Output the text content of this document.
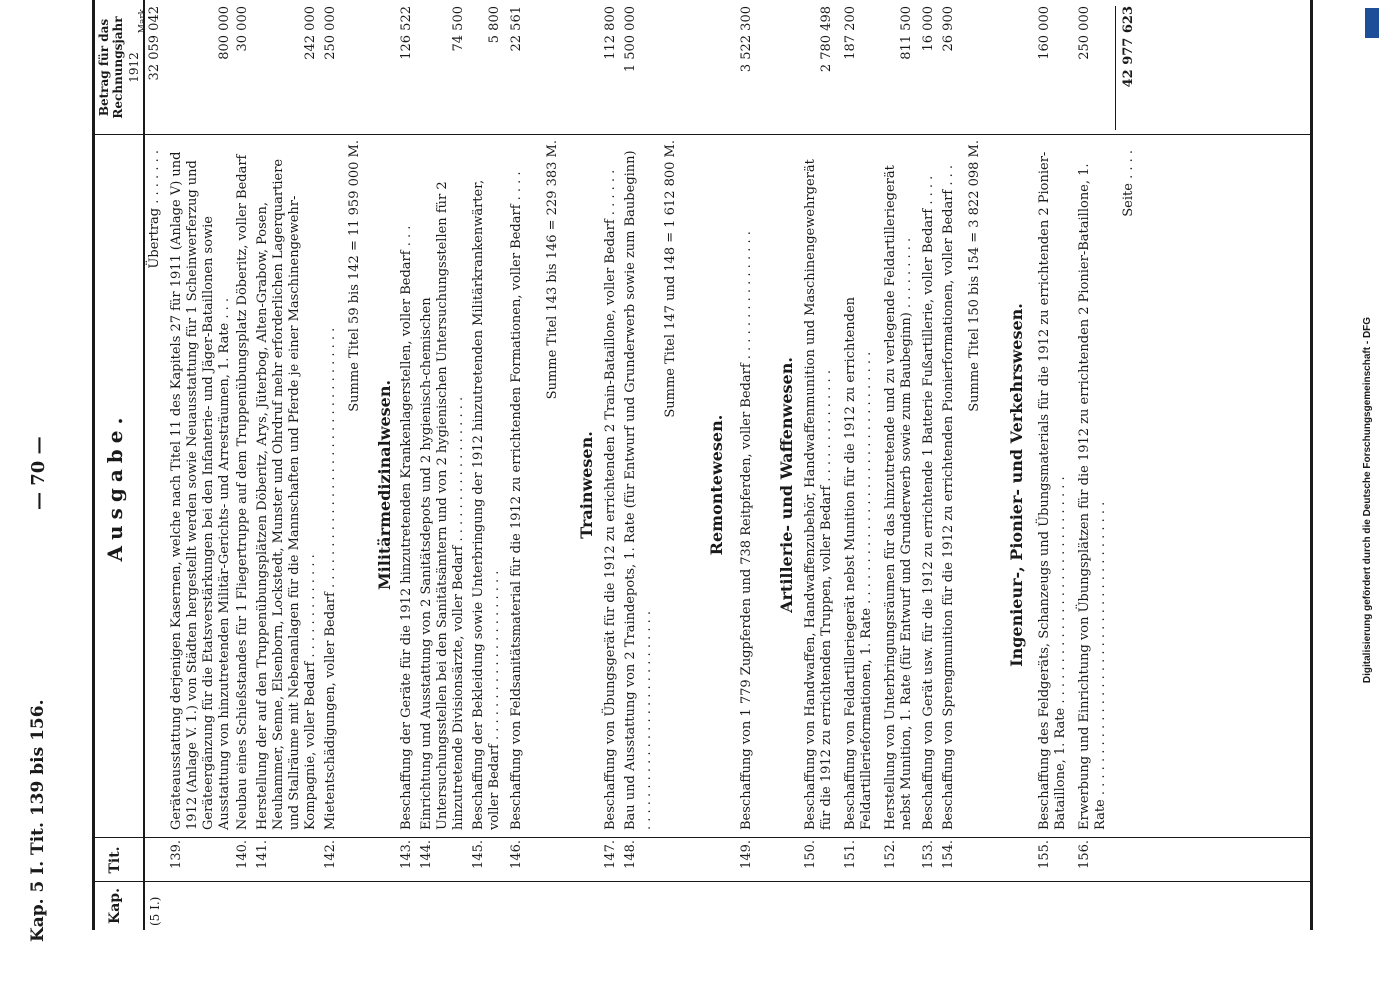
Kap. 5 I. Tit. 139 bis 156.
— 70 —
Kap.
Tit.
Ausgabe.
Betrag für das Rechnungsjahr 1912
Mark.
(5 I.)
Übertrag . . . . . . .
32 059 042
139.
Geräteausstattung derjenigen Kasernen, welche nach Titel 11 des Kapitels 27 für 1911 (Anlage V) und 1912 (Anlage V. 1.) von Städten hergestellt werden sowie Neuausstattung für 1 Scheinwerferzug und Geräteergänzung für die Etatsverstärkungen bei den Infanterie- und Jäger-Bataillonen sowie Ausstattung von hinzutretenden Militär-Gerichts- und Arresträumen, 1. Rate . . .
800 000
140.
Neubau eines Schießstandes für 1 Fliegertruppe auf dem Truppenübungsplatz Döberitz, voller Bedarf
30 000
141.
Herstellung der auf den Truppenübungsplätzen Döberitz, Arys, Jüterbog, Alten-Grabow, Posen, Neuhammer, Senne, Elsenborn, Lockstedt, Munster und Ohrdruf mehr erforderlichen Lagerquartiere und Stallräume mit Nebenanlagen für die Mannschaften und Pferde je einer Maschinengewehr-Kompagnie, voller Bedarf . . . . . . . . . . . . .
242 000
142.
Mietentschädigungen, voller Bedarf . . . . . . . . . . . . . . . . . . . . . . . . . . . . . . . .
250 000
Summe Titel 59 bis 142 = 11 959 000 M.
Militärmedizinalwesen.
143.
Beschaffung der Geräte für die 1912 hinzutretenden Krankenlagerstellen, voller Bedarf . . .
126 522
144.
Einrichtung und Ausstattung von 2 Sanitätsdepots und 2 hygienisch-chemischen Untersuchungsstellen bei den Sanitätsämtern und von 2 hygienischen Untersuchungsstellen für 2 hinzutretende Divisionsärzte, voller Bedarf . . . . . . . . . . . . . . . . . .
74 500
145.
Beschaffung der Bekleidung sowie Unterbringung der 1912 hinzutretenden Militärkrankenwärter, voller Bedarf . . . . . . . . . . . . . . . . . . . . .
5 800
146.
Beschaffung von Feldsanitätsmaterial für die 1912 zu errichtenden Formationen, voller Bedarf . . . .
22 561
Summe Titel 143 bis 146 = 229 383 M.
Trainwesen.
147.
Beschaffung von Übungsgerät für die 1912 zu errichtenden 2 Train-Bataillone, voller Bedarf . . . . . .
112 800
148.
Bau und Ausstattung von 2 Traindepots, 1. Rate (für Entwurf und Grunderwerb sowie zum Baubeginn) . . . . . . . . . . . . . . . . . . . . . . . . . . .
1 500 000
Summe Titel 147 und 148 = 1 612 800 M.
Remontewesen.
149.
Beschaffung von 1 779 Zugpferden und 738 Reitpferden, voller Bedarf . . . . . . . . . . . . . . . .
3 522 300
Artillerie- und Waffenwesen.
150.
Beschaffung von Handwaffen, Handwaffenzubehör, Handwaffenmunition und Maschinengewehrgerät für die 1912 zu errichtenden Truppen, voller Bedarf . . . . . . . . . . . . . .
2 780 498
151.
Beschaffung von Feldartilleriegerät nebst Munition für die 1912 zu errichtenden Feldartillerieformationen, 1. Rate . . . . . . . . . . . . . . . . . . . . . . . . . . . . . . .
187 200
152.
Herstellung von Unterbringungsräumen für das hinzutretende und zu verlegende Feldartilleriegerät nebst Munition, 1. Rate (für Entwurf und Grunderwerb sowie zum Baubeginn) . . . . . . . . .
811 500
153.
Beschaffung von Gerät usw. für die 1912 zu errichtende 1 Batterie Fußartillerie, voller Bedarf . . . .
16 000
154.
Beschaffung von Sprengmunition für die 1912 zu errichtenden Pionierformationen, voller Bedarf . . .
26 900
Summe Titel 150 bis 154 = 3 822 098 M.
Ingenieur-, Pionier- und Verkehrswesen.
155.
Beschaffung des Feldgeräts, Schanzeugs und Übungsmaterials für die 1912 zu errichtenden 2 Pionier-Bataillone, 1. Rate . . . . . . . . . . . . . . . . . . . . . . . . . . . .
160 000
156.
Erwerbung und Einrichtung von Übungsplätzen für die 1912 zu errichtenden 2 Pionier-Bataillone, 1. Rate . . . . . . . . . . . . . . . . . . . . . . . . . . . . . . . . . . . .
250 000
Seite . . . .
42 977 623
Digitalisierung gefördert durch die Deutsche Forschungsgemeinschaft - DFG
